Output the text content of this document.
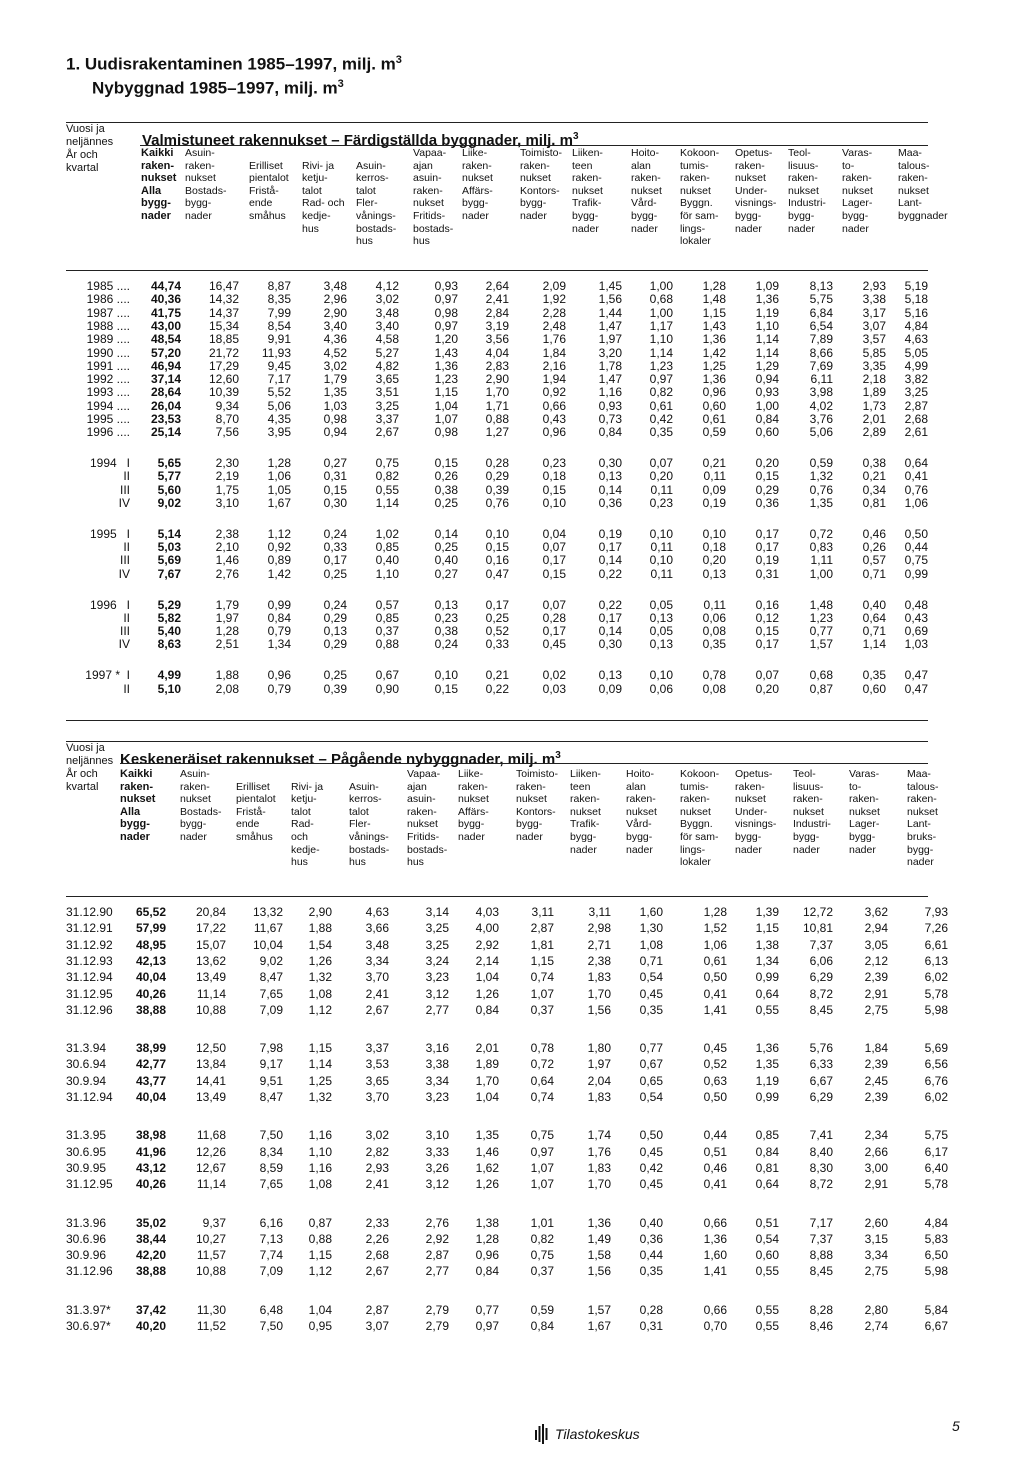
1. Uudisrakentaminen 1985–1997, milj. $m^3$
Nybyggnad 1985–1997, milj. $m^3$
Vuosi ja
neljännes
År och
kvartal
Valmistuneet rakennukset – Färdigställda byggnader, milj. $m^3$
Kaikki
raken-
nukset
Alla
bygg-
nader
Asuin-
raken-
nukset
Bostads-
bygg-
nader

Erilliset
pientalot
Fristå-
ende
småhus

Rivi- ja
ketju-
talot
Rad- och
kedje-
hus

Asuin-
kerros-
talot
Fler-
vånings-
bostads-
hus
Vapaa-
ajan
asuin-
raken-
nukset
Fritids-
bostads-
hus
Liike-
raken-
nukset
Affärs-
bygg-
nader
Toimisto-
raken-
nukset
Kontors-
bygg-
nader
Liiken-
teen
raken-
nukset
Trafik-
bygg-
nader
Hoito-
alan
raken-
nukset
Vård-
bygg-
nader
Kokoon-
tumis-
raken-
nukset
Byggn.
för sam-
lings-
lokaler
Opetus-
raken-
nukset
Under-
visnings-
bygg-
nader
Teol-
lisuus-
raken-
nukset
Industri-
bygg-
nader
Varas-
to-
raken-
nukset
Lager-
bygg-
nader
Maa-
talous-
raken-
nukset
Lant-
byggnader
1985 ....	44,74	16,47	8,87	3,48	4,12	0,93	2,64	2,09	1,45	1,00	1,28	1,09	8,13	2,93	5,19
1986 ....	40,36	14,32	8,35	2,96	3,02	0,97	2,41	1,92	1,56	0,68	1,48	1,36	5,75	3,38	5,18
1987 ....	41,75	14,37	7,99	2,90	3,48	0,98	2,84	2,28	1,44	1,00	1,15	1,19	6,84	3,17	5,16
1988 ....	43,00	15,34	8,54	3,40	3,40	0,97	3,19	2,48	1,47	1,17	1,43	1,10	6,54	3,07	4,84
1989 ....	48,54	18,85	9,91	4,36	4,58	1,20	3,56	1,76	1,97	1,10	1,36	1,14	7,89	3,57	4,63
1990 ....	57,20	21,72	11,93	4,52	5,27	1,43	4,04	1,84	3,20	1,14	1,42	1,14	8,66	5,85	5,05
1991 ....	46,94	17,29	9,45	3,02	4,82	1,36	2,83	2,16	1,78	1,23	1,25	1,29	7,69	3,35	4,99
1992 ....	37,14	12,60	7,17	1,79	3,65	1,23	2,90	1,94	1,47	0,97	1,36	0,94	6,11	2,18	3,82
1993 ....	28,64	10,39	5,52	1,35	3,51	1,15	1,70	0,92	1,16	0,82	0,96	0,93	3,98	1,89	3,25
1994 ....	26,04	9,34	5,06	1,03	3,25	1,04	1,71	0,66	0,93	0,61	0,60	1,00	4,02	1,73	2,87
1995 ....	23,53	8,70	4,35	0,98	3,37	1,07	0,88	0,43	0,73	0,42	0,61	0,84	3,76	2,01	2,68
1996 ....	25,14	7,56	3,95	0,94	2,67	0,98	1,27	0,96	0,84	0,35	0,59	0,60	5,06	2,89	2,61
1994   I	5,65	2,30	1,28	0,27	0,75	0,15	0,28	0,23	0,30	0,07	0,21	0,20	0,59	0,38	0,64
II	5,77	2,19	1,06	0,31	0,82	0,26	0,29	0,18	0,13	0,20	0,11	0,15	1,32	0,21	0,41
III	5,60	1,75	1,05	0,15	0,55	0,38	0,39	0,15	0,14	0,11	0,09	0,29	0,76	0,34	0,76
IV	9,02	3,10	1,67	0,30	1,14	0,25	0,76	0,10	0,36	0,23	0,19	0,36	1,35	0,81	1,06
1995   I	5,14	2,38	1,12	0,24	1,02	0,14	0,10	0,04	0,19	0,10	0,10	0,17	0,72	0,46	0,50
II	5,03	2,10	0,92	0,33	0,85	0,25	0,15	0,07	0,17	0,11	0,18	0,17	0,83	0,26	0,44
III	5,69	1,46	0,89	0,17	0,40	0,40	0,16	0,17	0,14	0,10	0,20	0,19	1,11	0,57	0,75
IV	7,67	2,76	1,42	0,25	1,10	0,27	0,47	0,15	0,22	0,11	0,13	0,31	1,00	0,71	0,99
1996   I	5,29	1,79	0,99	0,24	0,57	0,13	0,17	0,07	0,22	0,05	0,11	0,16	1,48	0,40	0,48
II	5,82	1,97	0,84	0,29	0,85	0,23	0,25	0,28	0,17	0,13	0,06	0,12	1,23	0,64	0,43
III	5,40	1,28	0,79	0,13	0,37	0,38	0,52	0,17	0,14	0,05	0,08	0,15	0,77	0,71	0,69
IV	8,63	2,51	1,34	0,29	0,88	0,24	0,33	0,45	0,30	0,13	0,35	0,17	1,57	1,14	1,03
1997 *  I	4,99	1,88	0,96	0,25	0,67	0,10	0,21	0,02	0,13	0,10	0,78	0,07	0,68	0,35	0,47
II	5,10	2,08	0,79	0,39	0,90	0,15	0,22	0,03	0,09	0,06	0,08	0,20	0,87	0,60	0,47
Vuosi ja
neljännes
År och
kvartal
Keskeneräiset rakennukset – Pågående nybyggnader, milj. $m^3$
Kaikki
raken-
nukset
Alla
bygg-
nader
Asuin-
raken-
nukset
Bostads-
bygg-
nader

Erilliset
pientalot
Fristå-
ende
småhus

Rivi- ja
ketju-
talot
Rad-
och
kedje-
hus

Asuin-
kerros-
talot
Fler-
vånings-
bostads-
hus
Vapaa-
ajan
asuin-
raken-
nukset
Fritids-
bostads-
hus
Liike-
raken-
nukset
Affärs-
bygg-
nader
Toimisto-
raken-
nukset
Kontors-
bygg-
nader
Liiken-
teen
raken-
nukset
Trafik-
bygg-
nader
Hoito-
alan
raken-
nukset
Vård-
bygg-
nader
Kokoon-
tumis-
raken-
nukset
Byggn.
för sam-
lings-
lokaler
Opetus-
raken-
nukset
Under-
visnings-
bygg-
nader
Teol-
lisuus-
raken-
nukset
Industri-
bygg-
nader
Varas-
to-
raken-
nukset
Lager-
bygg-
nader
Maa-
talous-
raken-
nukset
Lant-
bruks-
bygg-
nader
31.12.90	65,52	20,84	13,32	2,90	4,63	3,14	4,03	3,11	3,11	1,60	1,28	1,39	12,72	3,62	7,93
31.12.91	57,99	17,22	11,67	1,88	3,66	3,25	4,00	2,87	2,98	1,30	1,52	1,15	10,81	2,94	7,26
31.12.92	48,95	15,07	10,04	1,54	3,48	3,25	2,92	1,81	2,71	1,08	1,06	1,38	7,37	3,05	6,61
31.12.93	42,13	13,62	9,02	1,26	3,34	3,24	2,14	1,15	2,38	0,71	0,61	1,34	6,06	2,12	6,13
31.12.94	40,04	13,49	8,47	1,32	3,70	3,23	1,04	0,74	1,83	0,54	0,50	0,99	6,29	2,39	6,02
31.12.95	40,26	11,14	7,65	1,08	2,41	3,12	1,26	1,07	1,70	0,45	0,41	0,64	8,72	2,91	5,78
31.12.96	38,88	10,88	7,09	1,12	2,67	2,77	0,84	0,37	1,56	0,35	1,41	0,55	8,45	2,75	5,98
31.3.94	38,99	12,50	7,98	1,15	3,37	3,16	2,01	0,78	1,80	0,77	0,45	1,36	5,76	1,84	5,69
30.6.94	42,77	13,84	9,17	1,14	3,53	3,38	1,89	0,72	1,97	0,67	0,52	1,35	6,33	2,39	6,56
30.9.94	43,77	14,41	9,51	1,25	3,65	3,34	1,70	0,64	2,04	0,65	0,63	1,19	6,67	2,45	6,76
31.12.94	40,04	13,49	8,47	1,32	3,70	3,23	1,04	0,74	1,83	0,54	0,50	0,99	6,29	2,39	6,02
31.3.95	38,98	11,68	7,50	1,16	3,02	3,10	1,35	0,75	1,74	0,50	0,44	0,85	7,41	2,34	5,75
30.6.95	41,96	12,26	8,34	1,10	2,82	3,33	1,46	0,97	1,76	0,45	0,51	0,84	8,40	2,66	6,17
30.9.95	43,12	12,67	8,59	1,16	2,93	3,26	1,62	1,07	1,83	0,42	0,46	0,81	8,30	3,00	6,40
31.12.95	40,26	11,14	7,65	1,08	2,41	3,12	1,26	1,07	1,70	0,45	0,41	0,64	8,72	2,91	5,78
31.3.96	35,02	9,37	6,16	0,87	2,33	2,76	1,38	1,01	1,36	0,40	0,66	0,51	7,17	2,60	4,84
30.6.96	38,44	10,27	7,13	0,88	2,26	2,92	1,28	0,82	1,49	0,36	1,36	0,54	7,37	3,15	5,83
30.9.96	42,20	11,57	7,74	1,15	2,68	2,87	0,96	0,75	1,58	0,44	1,60	0,60	8,88	3,34	6,50
31.12.96	38,88	10,88	7,09	1,12	2,67	2,77	0,84	0,37	1,56	0,35	1,41	0,55	8,45	2,75	5,98
31.3.97*	37,42	11,30	6,48	1,04	2,87	2,79	0,77	0,59	1,57	0,28	0,66	0,55	8,28	2,80	5,84
30.6.97*	40,20	11,52	7,50	0,95	3,07	2,79	0,97	0,84	1,67	0,31	0,70	0,55	8,46	2,74	6,67
Tilastokeskus	5
